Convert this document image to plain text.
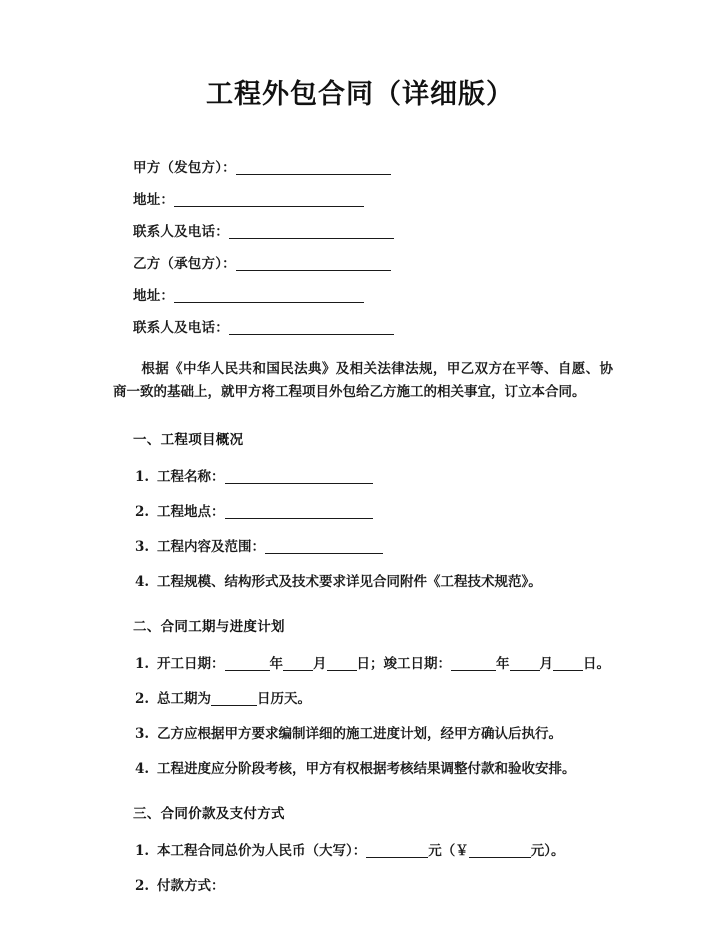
工程外包合同（详细版）

甲方（发包方）：

地址：

联系人及电话：

乙方（承包方）：

地址：

联系人及电话：

根据《中华人民共和国民法典》及相关法律法规，甲乙双方在平等、自愿、协商一致的基础上，就甲方将工程项目外包给乙方施工的相关事宜，订立本合同。

一、工程项目概况

1. 工程名称：

2. 工程地点：

3. 工程内容及范围：

4. 工程规模、结构形式及技术要求详见合同附件《工程技术规范》。

二、合同工期与进度计划

1. 开工日期：	年 月 日；竣工日期：	年 月 日。

2. 总工期为	日历天。

3. 乙方应根据甲方要求编制详细的施工进度计划，经甲方确认后执行。

4. 工程进度应分阶段考核，甲方有权根据考核结果调整付款和验收安排。

三、合同价款及支付方式

1. 本工程合同总价为人民币（大写）：	元（￥	元）。

2. 付款方式：
